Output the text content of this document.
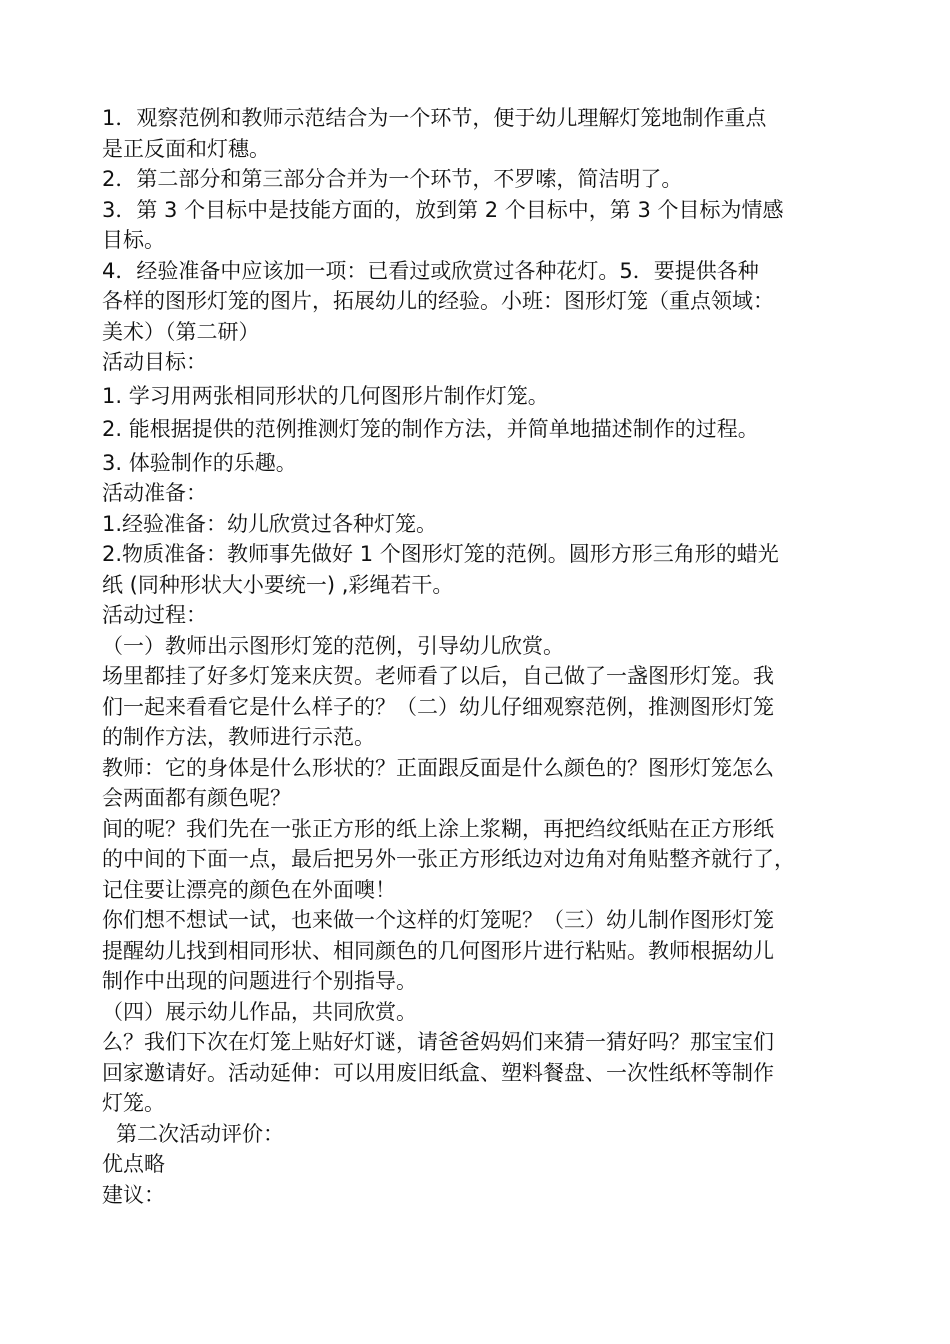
1．观察范例和教师示范结合为一个环节，便于幼儿理解灯笼地制作重点
是正反面和灯穗。
2．第二部分和第三部分合并为一个环节，不罗嗦，简洁明了。
3．第 3 个目标中是技能方面的，放到第 2 个目标中，第 3 个目标为情感
目标。
4．经验准备中应该加一项：已看过或欣赏过各种花灯。5．要提供各种
各样的图形灯笼的图片，拓展幼儿的经验。小班：图形灯笼（重点领域：
美术）（第二研）
活动目标：
1. 学习用两张相同形状的几何图形片制作灯笼。
2. 能根据提供的范例推测灯笼的制作方法，并简单地描述制作的过程。
3. 体验制作的乐趣。
活动准备：
1.经验准备：幼儿欣赏过各种灯笼。
2.物质准备：教师事先做好 1 个图形灯笼的范例。圆形方形三角形的蜡光
纸 (同种形状大小要统一) ,彩绳若干。
活动过程：
（一）教师出示图形灯笼的范例，引导幼儿欣赏。
场里都挂了好多灯笼来庆贺。老师看了以后，自己做了一盏图形灯笼。我
们一起来看看它是什么样子的？（二）幼儿仔细观察范例，推测图形灯笼
的制作方法，教师进行示范。
教师：它的身体是什么形状的？正面跟反面是什么颜色的？图形灯笼怎么
会两面都有颜色呢？
间的呢？我们先在一张正方形的纸上涂上浆糊，再把绉纹纸贴在正方形纸
的中间的下面一点，最后把另外一张正方形纸边对边角对角贴整齐就行了，
记住要让漂亮的颜色在外面噢！
你们想不想试一试，也来做一个这样的灯笼呢？（三）幼儿制作图形灯笼
提醒幼儿找到相同形状、相同颜色的几何图形片进行粘贴。教师根据幼儿
制作中出现的问题进行个别指导。
（四）展示幼儿作品，共同欣赏。
么？我们下次在灯笼上贴好灯谜，请爸爸妈妈们来猜一猜好吗？那宝宝们
回家邀请好。活动延伸：可以用废旧纸盒、塑料餐盘、一次性纸杯等制作
灯笼。
第二次活动评价：
优点略
建议：
